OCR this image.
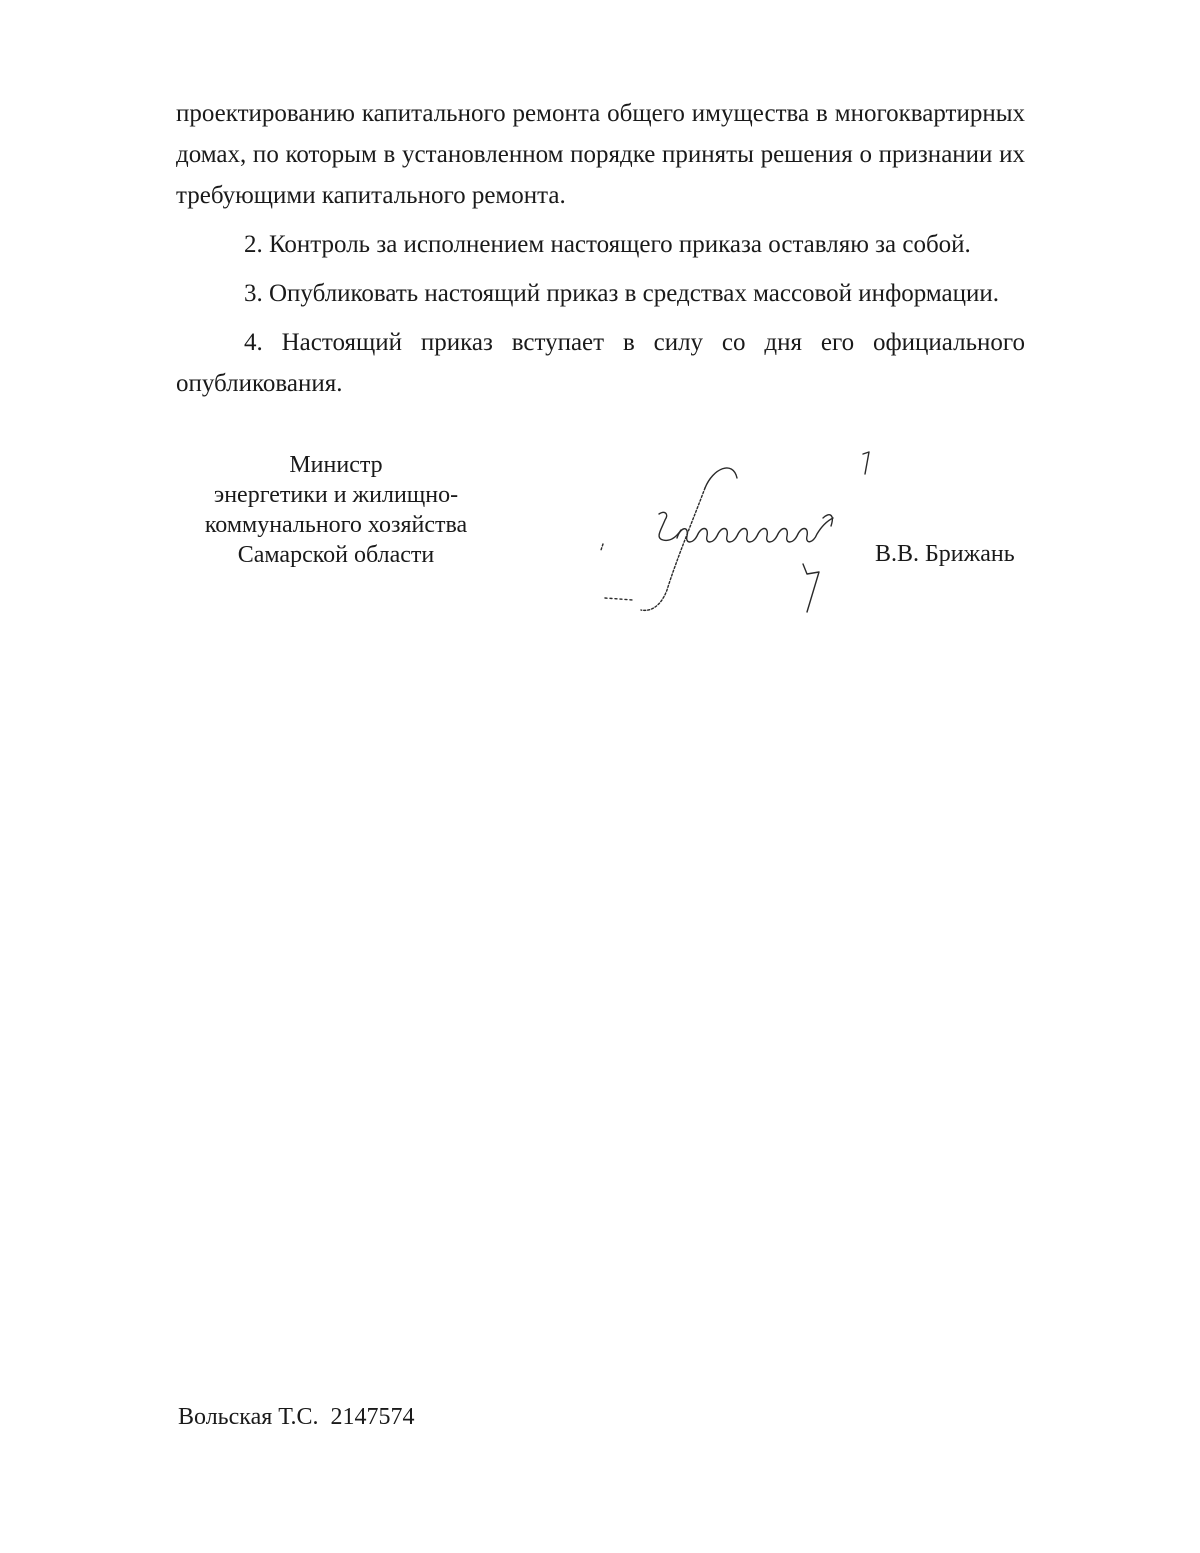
проектированию капитального ремонта общего имущества в многоквартирных домах, по которым в установленном порядке приняты решения о признании их требующими капитального ремонта.

2. Контроль за исполнением настоящего приказа оставляю за собой.

3. Опубликовать настоящий приказ в средствах массовой информации.

4. Настоящий приказ вступает в силу со дня его официального опубликования.

Министр
энергетики и жилищно-
коммунального хозяйства
Самарской области	В.В. Брижань
Вольская Т.С.  2147574
